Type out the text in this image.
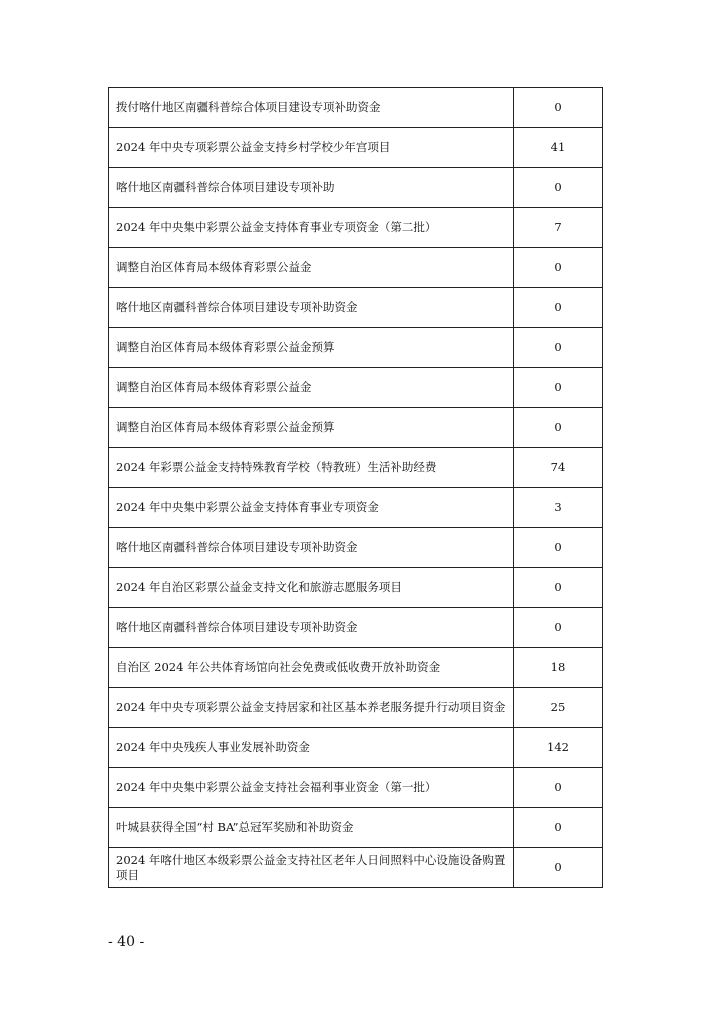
拨付喀什地区南疆科普综合体项目建设专项补助资金	0
2024 年中央专项彩票公益金支持乡村学校少年宫项目	41
喀什地区南疆科普综合体项目建设专项补助	0
2024 年中央集中彩票公益金支持体育事业专项资金（第二批）	7
调整自治区体育局本级体育彩票公益金	0
喀什地区南疆科普综合体项目建设专项补助资金	0
调整自治区体育局本级体育彩票公益金预算	0
调整自治区体育局本级体育彩票公益金	0
调整自治区体育局本级体育彩票公益金预算	0
2024 年彩票公益金支持特殊教育学校（特教班）生活补助经费	74
2024 年中央集中彩票公益金支持体育事业专项资金	3
喀什地区南疆科普综合体项目建设专项补助资金	0
2024 年自治区彩票公益金支持文化和旅游志愿服务项目	0
喀什地区南疆科普综合体项目建设专项补助资金	0
自治区 2024 年公共体育场馆向社会免费或低收费开放补助资金	18
2024 年中央专项彩票公益金支持居家和社区基本养老服务提升行动项目资金	25
2024 年中央残疾人事业发展补助资金	142
2024 年中央集中彩票公益金支持社会福利事业资金（第一批）	0
叶城县获得全国“村 BA”总冠军奖励和补助资金	0
2024 年喀什地区本级彩票公益金支持社区老年人日间照料中心设施设备购置项目	0
- 40 -
